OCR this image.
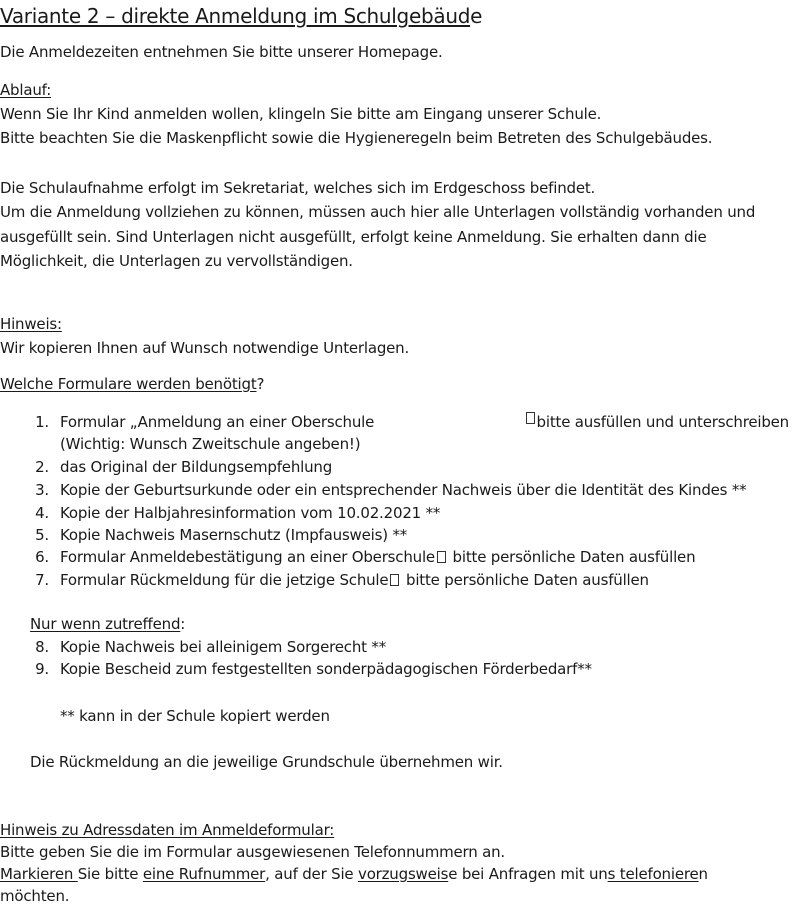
Variante 2 – direkte Anmeldung im Schulgebäude
Die Anmeldezeiten entnehmen Sie bitte unserer Homepage.
Ablauf:
Wenn Sie Ihr Kind anmelden wollen, klingeln Sie bitte am Eingang unserer Schule.
Bitte beachten Sie die Maskenpflicht sowie die Hygieneregeln beim Betreten des Schulgebäudes.
Die Schulaufnahme erfolgt im Sekretariat, welches sich im Erdgeschoss befindet.
Um die Anmeldung vollziehen zu können, müssen auch hier alle Unterlagen vollständig vorhanden und
ausgefüllt sein. Sind Unterlagen nicht ausgefüllt, erfolgt keine Anmeldung. Sie erhalten dann die
Möglichkeit, die Unterlagen zu vervollständigen.
Hinweis:
Wir kopieren Ihnen auf Wunsch notwendige Unterlagen.
Welche Formulare werden benötigt?
1. Formular „Anmeldung an einer Oberschule	bitte ausfüllen und unterschreiben
(Wichtig: Wunsch Zweitschule angeben!)
2. das Original der Bildungsempfehlung
3. Kopie der Geburtsurkunde oder ein entsprechender Nachweis über die Identität des Kindes **
4. Kopie der Halbjahresinformation vom 10.02.2021 **
5. Kopie Nachweis Masernschutz (Impfausweis) **
6. Formular Anmeldebestätigung an einer Oberschule bitte persönliche Daten ausfüllen
7. Formular Rückmeldung für die jetzige Schule bitte persönliche Daten ausfüllen
Nur wenn zutreffend:
8. Kopie Nachweis bei alleinigem Sorgerecht **
9. Kopie Bescheid zum festgestellten sonderpädagogischen Förderbedarf**
** kann in der Schule kopiert werden
Die Rückmeldung an die jeweilige Grundschule übernehmen wir.
Hinweis zu Adressdaten im Anmeldeformular:
Bitte geben Sie die im Formular ausgewiesenen Telefonnummern an.
Markieren Sie bitte eine Rufnummer, auf der Sie vorzugsweise bei Anfragen mit uns telefonieren
möchten.
